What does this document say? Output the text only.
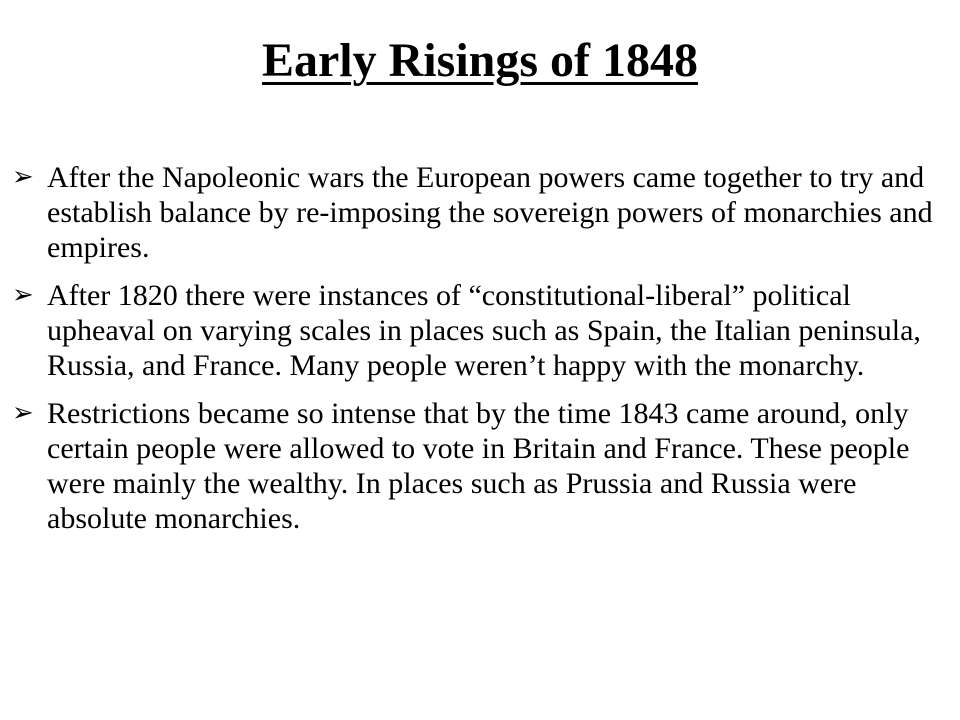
Early Risings of 1848
➢ After the Napoleonic wars the European powers came together to try and establish balance by re-imposing the sovereign powers of monarchies and empires.
➢ After 1820 there were instances of “constitutional-liberal” political upheaval on varying scales in places such as Spain, the Italian peninsula, Russia, and France. Many people weren’t happy with the monarchy.
➢ Restrictions became so intense that by the time 1843 came around, only certain people were allowed to vote in Britain and France. These people were mainly the wealthy. In places such as Prussia and Russia were absolute monarchies.
